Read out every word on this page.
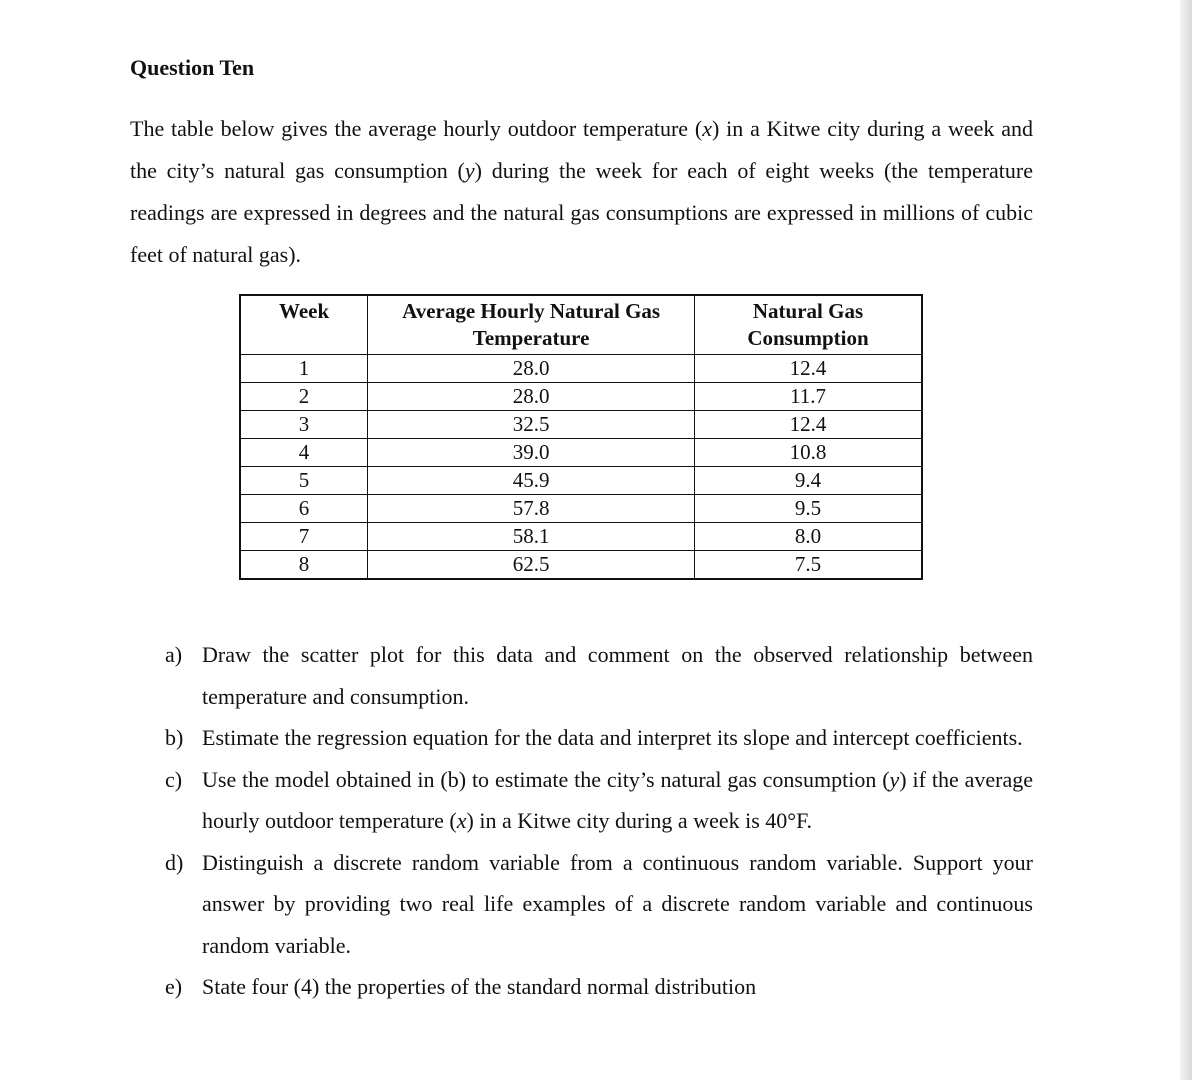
Question Ten

The table below gives the average hourly outdoor temperature (x) in a Kitwe city during a week and the city’s natural gas consumption (y) during the week for each of eight weeks (the temperature readings are expressed in degrees and the natural gas consumptions are expressed in millions of cubic feet of natural gas).

Week	Average Hourly Natural Gas Temperature	Natural Gas Consumption
1	28.0	12.4
2	28.0	11.7
3	32.5	12.4
4	39.0	10.8
5	45.9	9.4
6	57.8	9.5
7	58.1	8.0
8	62.5	7.5
a) Draw the scatter plot for this data and comment on the observed relationship between temperature and consumption.
b) Estimate the regression equation for the data and interpret its slope and intercept coefficients.
c) Use the model obtained in (b) to estimate the city’s natural gas consumption (y) if the average hourly outdoor temperature (x) in a Kitwe city during a week is 40°F.
d) Distinguish a discrete random variable from a continuous random variable. Support your answer by providing two real life examples of a discrete random variable and continuous random variable.
e) State four (4) the properties of the standard normal distribution
